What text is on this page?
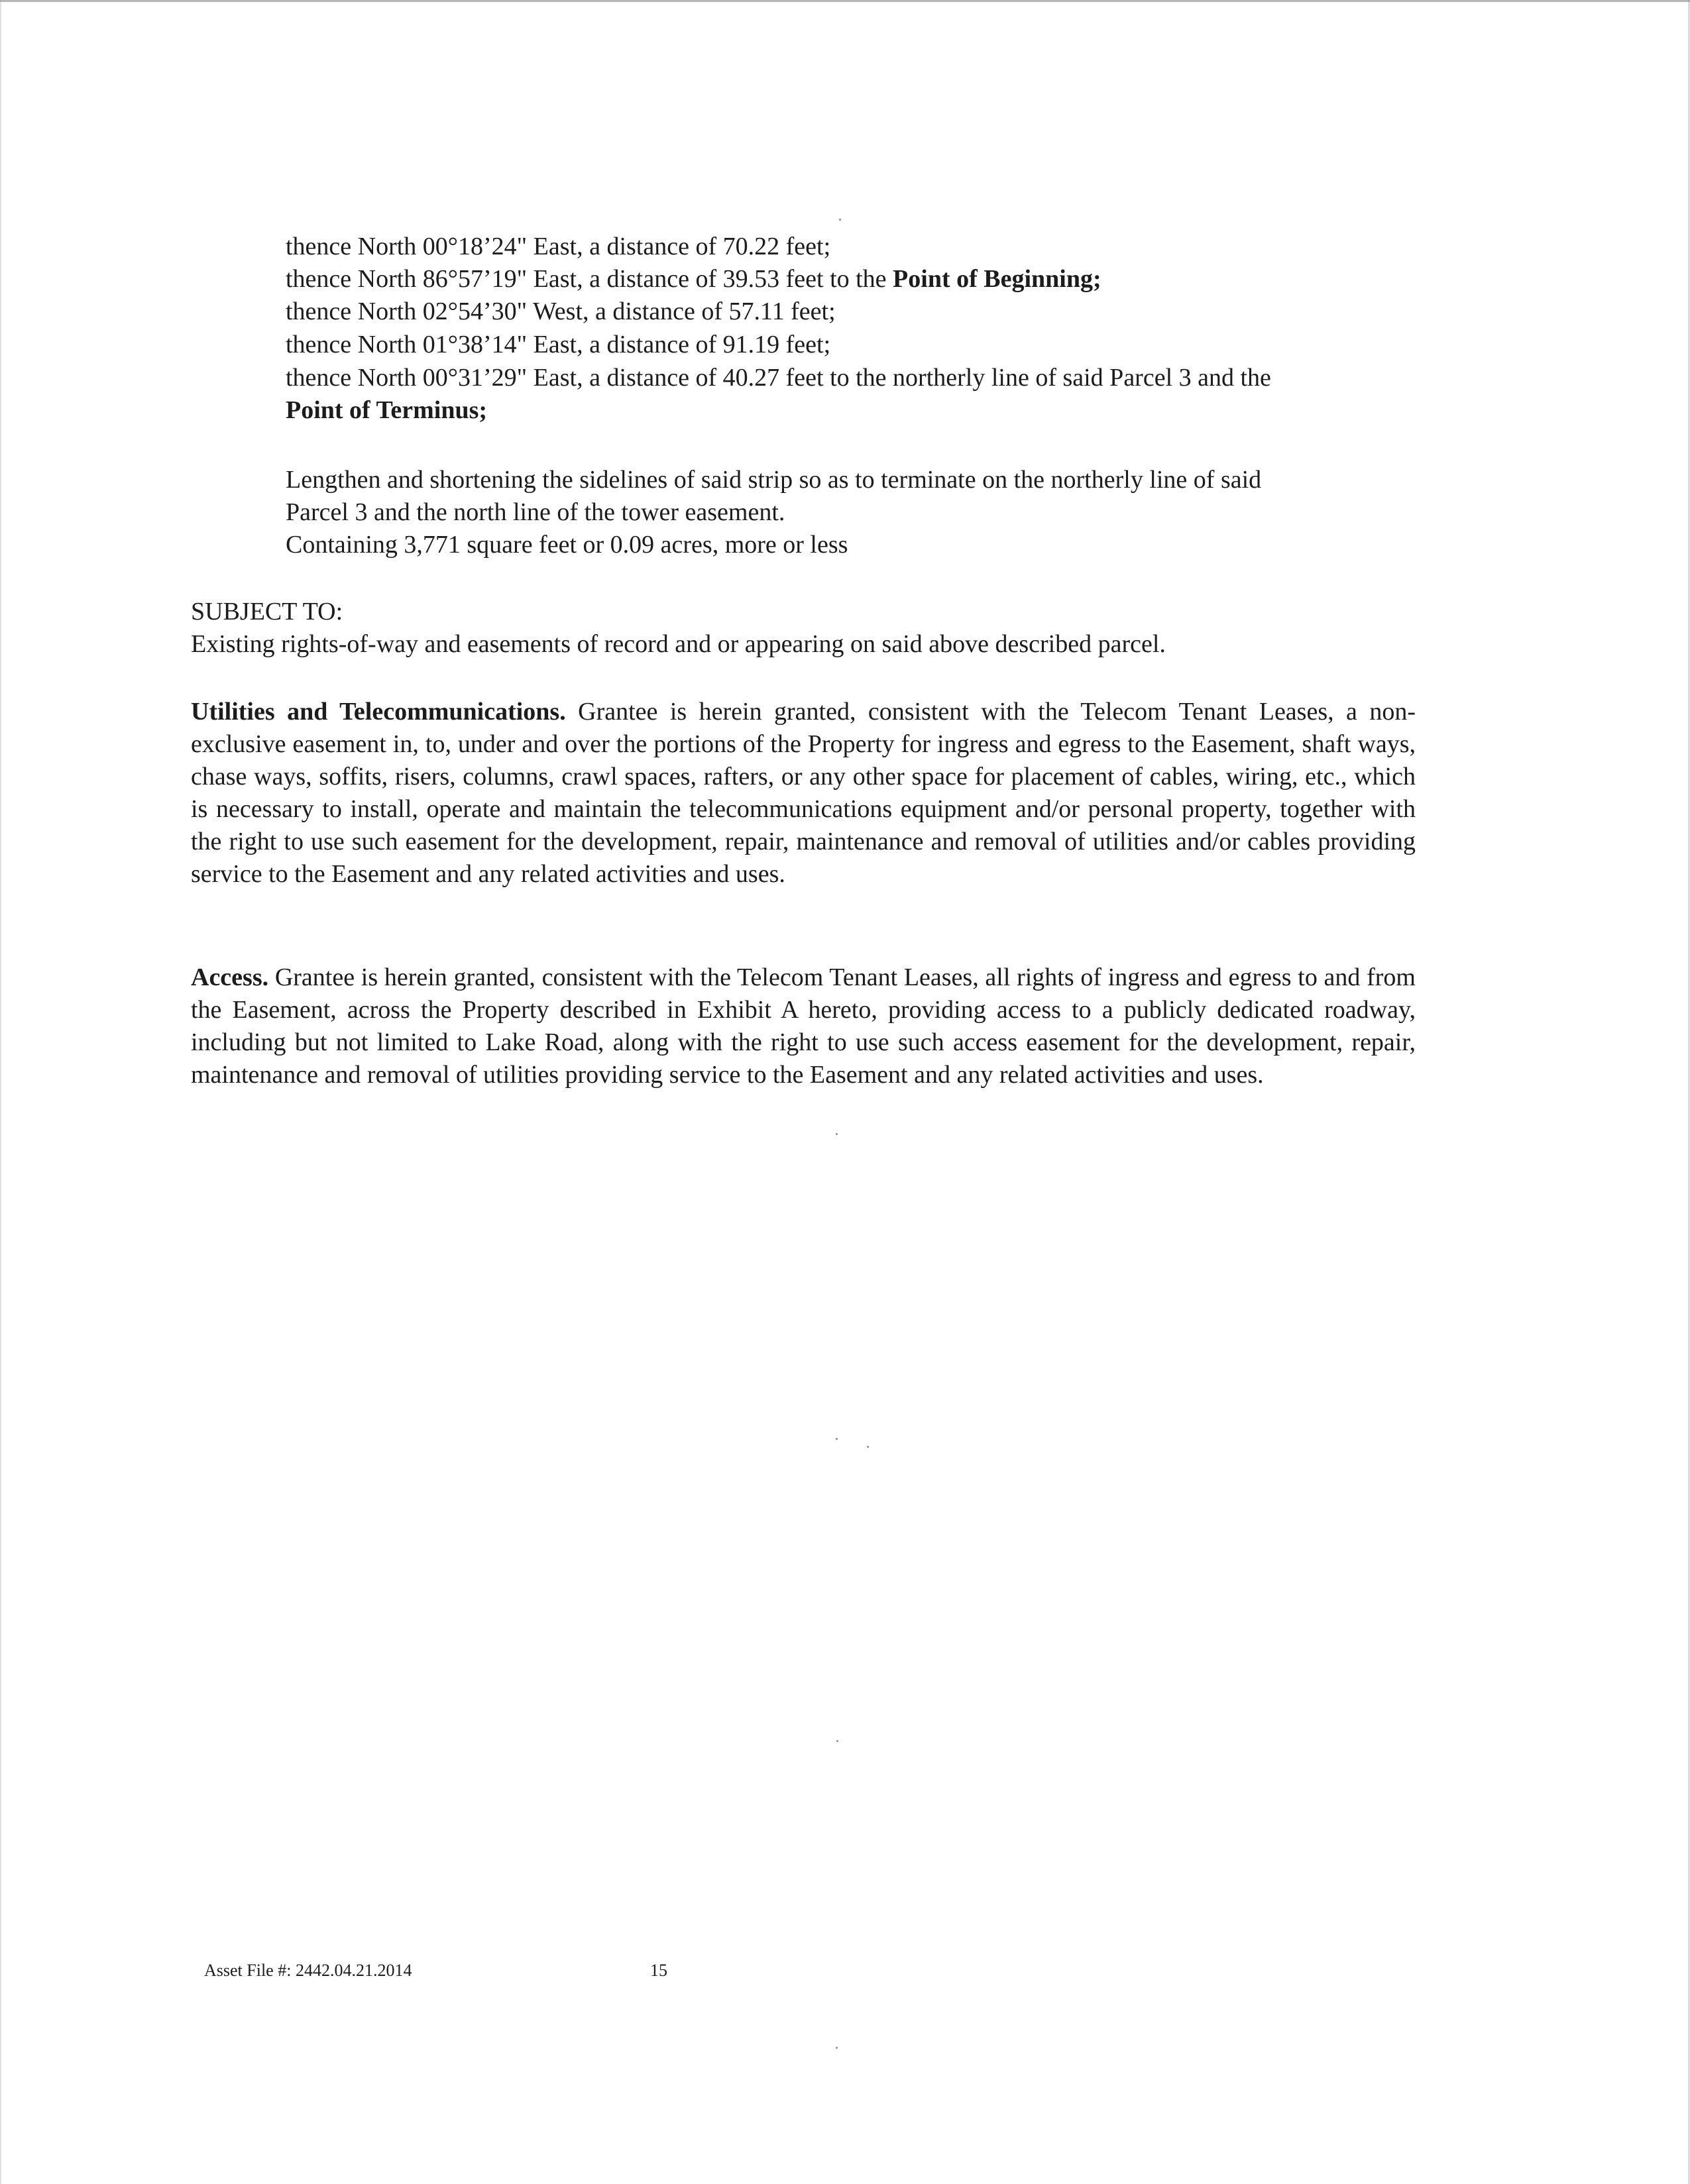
thence North 00°18’24" East, a distance of 70.22 feet;
thence North 86°57’19" East, a distance of 39.53 feet to the Point of Beginning;
thence North 02°54’30" West, a distance of 57.11 feet;
thence North 01°38’14" East, a distance of 91.19 feet;
thence North 00°31’29" East, a distance of 40.27 feet to the northerly line of said Parcel 3 and the
Point of Terminus;
Lengthen and shortening the sidelines of said strip so as to terminate on the northerly line of said
Parcel 3 and the north line of the tower easement.
Containing 3,771 square feet or 0.09 acres, more or less
SUBJECT TO:
Existing rights-of-way and easements of record and or appearing on said above described parcel.

Utilities and Telecommunications. Grantee is herein granted, consistent with the Telecom Tenant Leases, a non-exclusive easement in, to, under and over the portions of the Property for ingress and egress to the Easement, shaft ways, chase ways, soffits, risers, columns, crawl spaces, rafters, or any other space for placement of cables, wiring, etc., which is necessary to install, operate and maintain the telecommunications equipment and/or personal property, together with the right to use such easement for the development, repair, maintenance and removal of utilities and/or cables providing service to the Easement and any related activities and uses.

Access. Grantee is herein granted, consistent with the Telecom Tenant Leases, all rights of ingress and egress to and from the Easement, across the Property described in Exhibit A hereto, providing access to a publicly dedicated roadway, including but not limited to Lake Road, along with the right to use such access easement for the development, repair, maintenance and removal of utilities providing service to the Easement and any related activities and uses.

Asset File #: 2442.04.21.2014	15
